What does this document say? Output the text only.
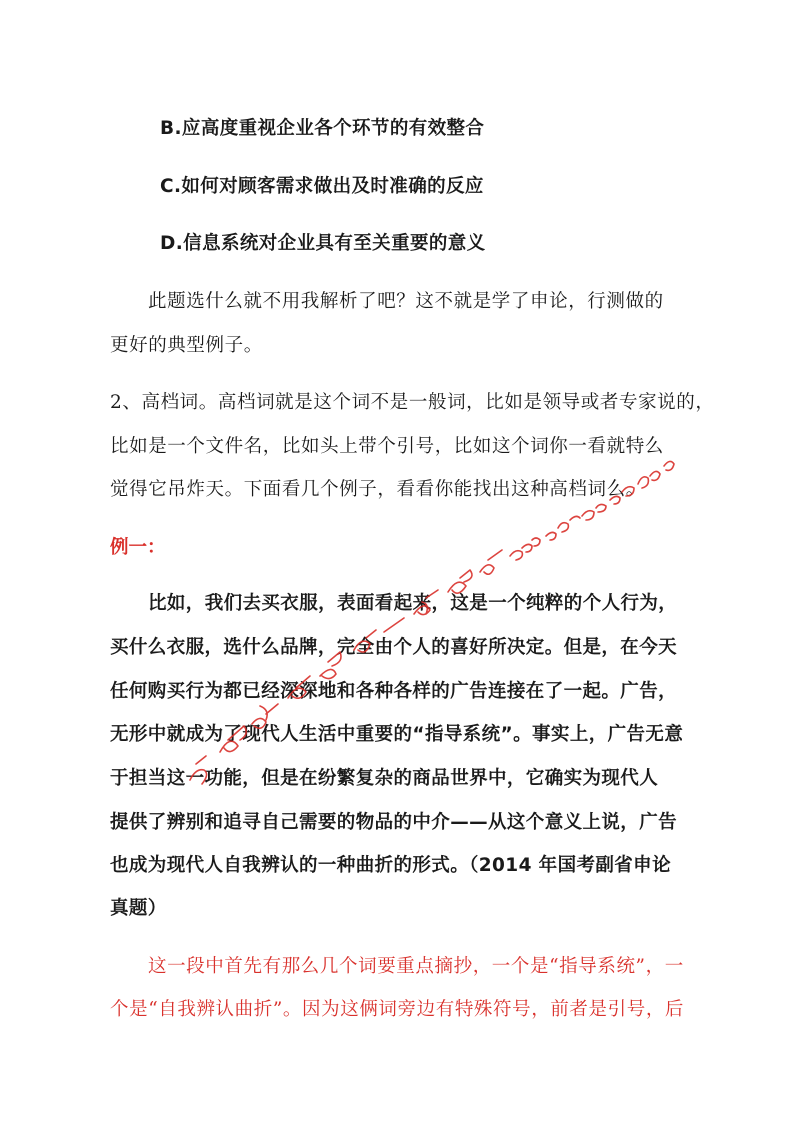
B.应高度重视企业各个环节的有效整合
C.如何对顾客需求做出及时准确的反应
D.信息系统对企业具有至关重要的意义
此题选什么就不用我解析了吧？这不就是学了申论，行测做的
更好的典型例子。
2、高档词。高档词就是这个词不是一般词，比如是领导或者专家说的，
比如是一个文件名，比如头上带个引号，比如这个词你一看就特么
觉得它吊炸天。下面看几个例子，看看你能找出这种高档词么。
例一：
比如，我们去买衣服，表面看起来，这是一个纯粹的个人行为，
买什么衣服，选什么品牌，完全由个人的喜好所决定。但是，在今天
任何购买行为都已经深深地和各种各样的广告连接在了一起。广告，
无形中就成为了现代人生活中重要的“指导系统”。事实上，广告无意
于担当这一功能，但是在纷繁复杂的商品世界中，它确实为现代人
提供了辨别和追寻自己需要的物品的中介——从这个意义上说，广告
也成为现代人自我辨认的一种曲折的形式。（2014 年国考副省申论
真题）
这一段中首先有那么几个词要重点摘抄，一个是“指导系统”，一
个是“自我辨认曲折”。因为这俩词旁边有特殊符号，前者是引号，后
